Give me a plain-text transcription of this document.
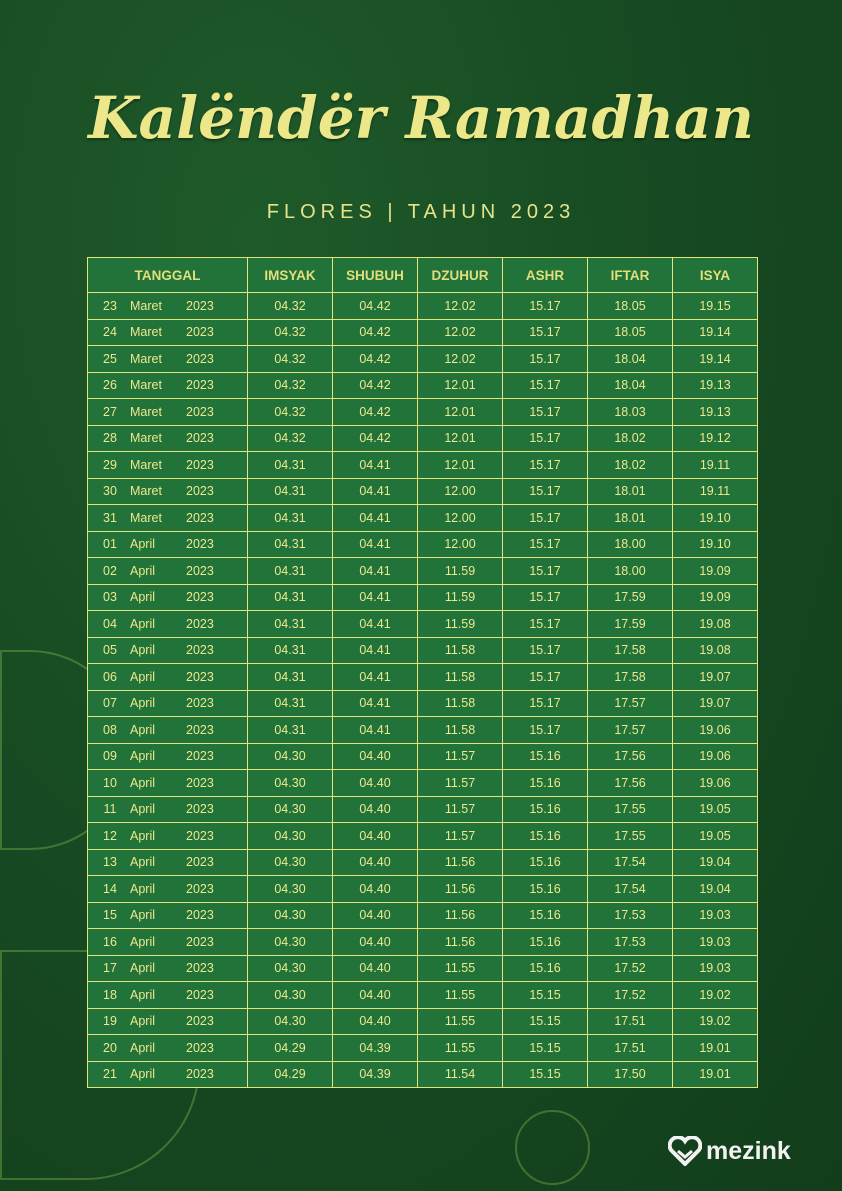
Kalëndër Ramadhan
FLORES | TAHUN 2023
TANGGAL	IMSYAK	SHUBUH	DZUHUR	ASHR	IFTAR	ISYA

23 Maret 2023	04.32	04.42	12.02	15.17	18.05	19.15

24 Maret 2023	04.32	04.42	12.02	15.17	18.05	19.14

25 Maret 2023	04.32	04.42	12.02	15.17	18.04	19.14

26 Maret 2023	04.32	04.42	12.01	15.17	18.04	19.13

27 Maret 2023	04.32	04.42	12.01	15.17	18.03	19.13

28 Maret 2023	04.32	04.42	12.01	15.17	18.02	19.12

29 Maret 2023	04.31	04.41	12.01	15.17	18.02	19.11

30 Maret 2023	04.31	04.41	12.00	15.17	18.01	19.11

31 Maret 2023	04.31	04.41	12.00	15.17	18.01	19.10

01 April 2023	04.31	04.41	12.00	15.17	18.00	19.10

02 April 2023	04.31	04.41	11.59	15.17	18.00	19.09

03 April 2023	04.31	04.41	11.59	15.17	17.59	19.09

04 April 2023	04.31	04.41	11.59	15.17	17.59	19.08

05 April 2023	04.31	04.41	11.58	15.17	17.58	19.08

06 April 2023	04.31	04.41	11.58	15.17	17.58	19.07

07 April 2023	04.31	04.41	11.58	15.17	17.57	19.07

08 April 2023	04.31	04.41	11.58	15.17	17.57	19.06

09 April 2023	04.30	04.40	11.57	15.16	17.56	19.06

10 April 2023	04.30	04.40	11.57	15.16	17.56	19.06

11 April 2023	04.30	04.40	11.57	15.16	17.55	19.05

12 April 2023	04.30	04.40	11.57	15.16	17.55	19.05

13 April 2023	04.30	04.40	11.56	15.16	17.54	19.04

14 April 2023	04.30	04.40	11.56	15.16	17.54	19.04

15 April 2023	04.30	04.40	11.56	15.16	17.53	19.03

16 April 2023	04.30	04.40	11.56	15.16	17.53	19.03

17 April 2023	04.30	04.40	11.55	15.16	17.52	19.03

18 April 2023	04.30	04.40	11.55	15.15	17.52	19.02

19 April 2023	04.30	04.40	11.55	15.15	17.51	19.02

20 April 2023	04.29	04.39	11.55	15.15	17.51	19.01

21 April 2023	04.29	04.39	11.54	15.15	17.50	19.01
mezink
